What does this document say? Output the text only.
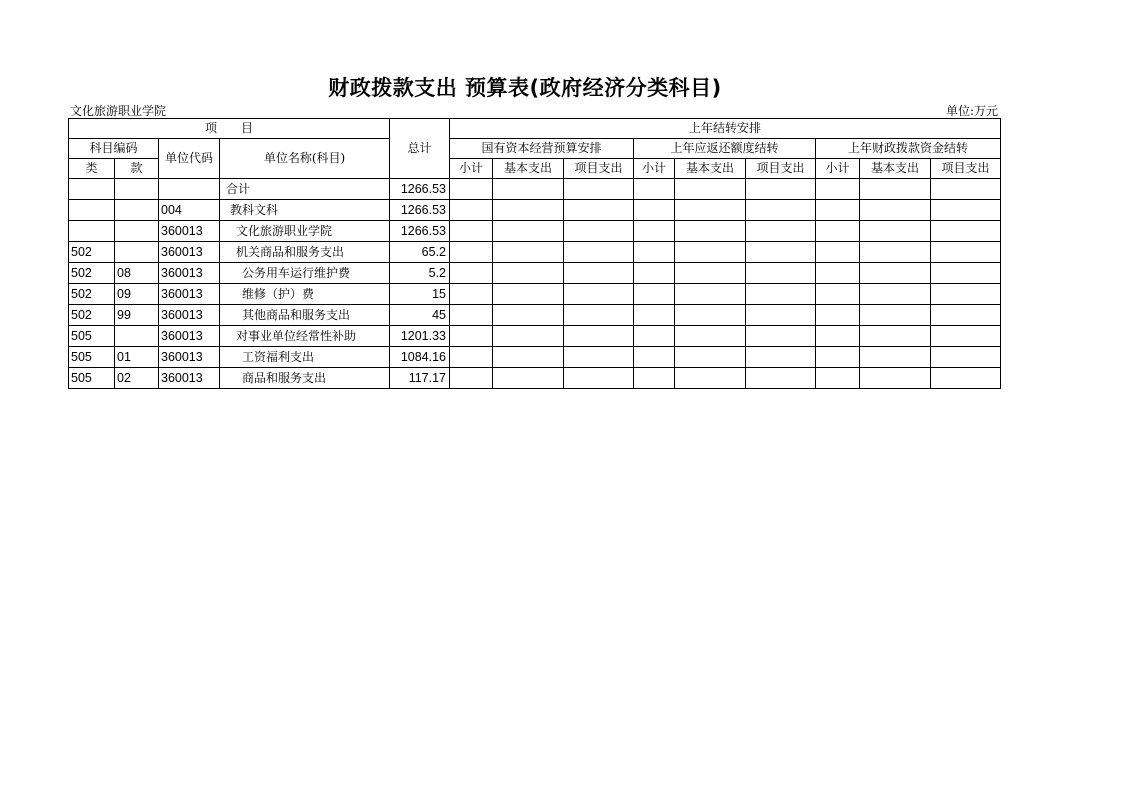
财政拨款支出 预算表(政府经济分类科目)
文化旅游职业学院	单位:万元
项　　目				总计	上年结转安排								
科目编码		单位代码	单位名称(科目)		国有资本经营预算安排			上年应返还额度结转			上年财政拨款资金结转		
类	款				小计	基本支出	项目支出	小计	基本支出	项目支出	小计	基本支出	项目支出
			合计	1266.53									
		004	教科文科	1266.53									
		360013	文化旅游职业学院	1266.53									
502		360013	机关商品和服务支出	65.2									
502	08	360013	公务用车运行维护费	5.2									
502	09	360013	维修（护）费	15									
502	99	360013	其他商品和服务支出	45									
505		360013	对事业单位经常性补助	1201.33									
505	01	360013	工资福利支出	1084.16									
505	02	360013	商品和服务支出	117.17									
